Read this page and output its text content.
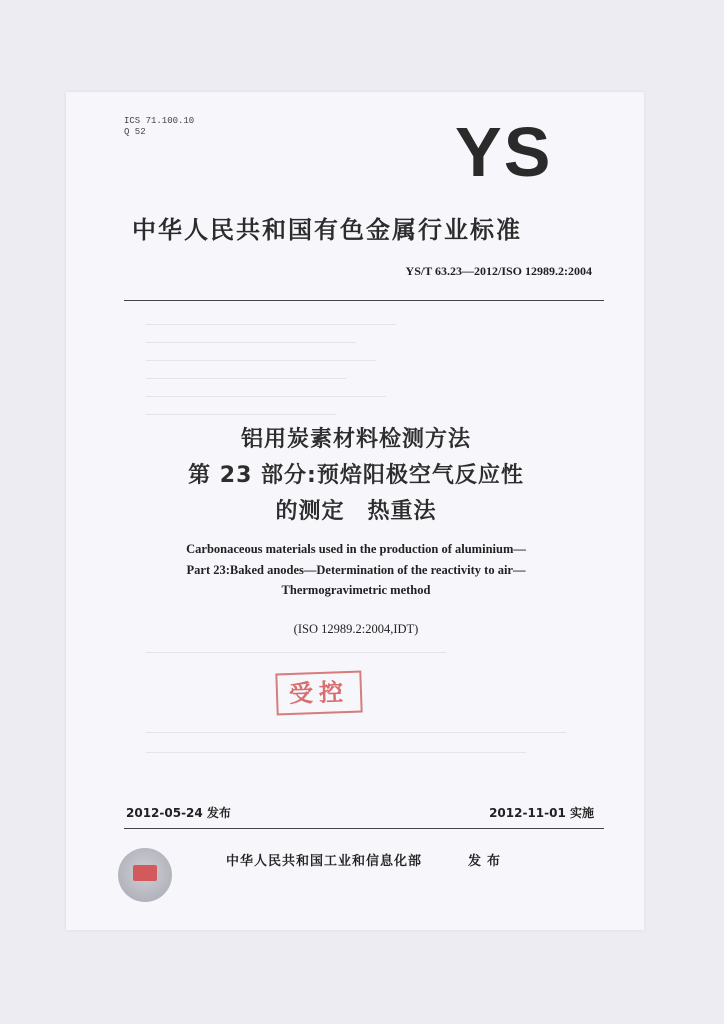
ICS 71.100.10
Q 52	YS
中华人民共和国有色金属行业标准
YS/T 63.23—2012/ISO 12989.2:2004
铝用炭素材料检测方法
第 23 部分:预焙阳极空气反应性
的测定　热重法
Carbonaceous materials used in the production of aluminium—
Part 23:Baked anodes—Determination of the reactivity to air—
Thermogravimetric method
(ISO 12989.2:2004,IDT)
受控
2012-05-24 发布	2012-11-01 实施
中华人民共和国工业和信息化部	发布
